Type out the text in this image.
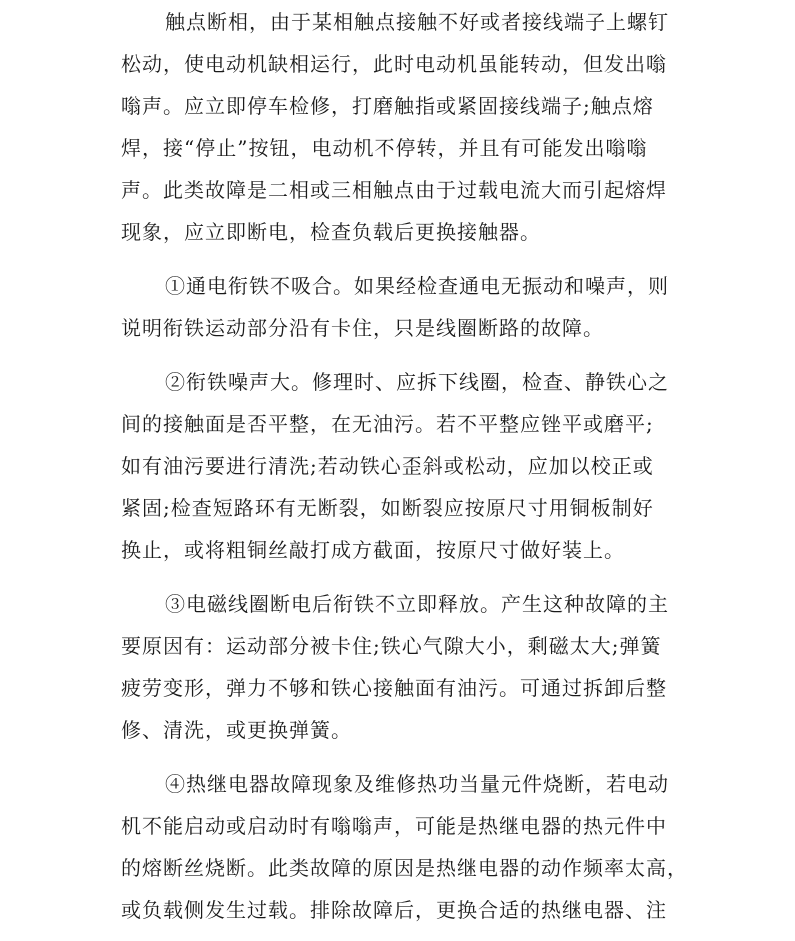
触点断相，由于某相触点接触不好或者接线端子上螺钉
松动，使电动机缺相运行，此时电动机虽能转动，但发出嗡
嗡声。应立即停车检修，打磨触指或紧固接线端子;触点熔
焊，接“停止”按钮，电动机不停转，并且有可能发出嗡嗡
声。此类故障是二相或三相触点由于过载电流大而引起熔焊
现象，应立即断电，检查负载后更换接触器。
①通电衔铁不吸合。如果经检查通电无振动和噪声，则
说明衔铁运动部分沿有卡住，只是线圈断路的故障。
②衔铁噪声大。修理时、应拆下线圈，检查、静铁心之
间的接触面是否平整，在无油污。若不平整应锉平或磨平;
如有油污要进行清洗;若动铁心歪斜或松动，应加以校正或
紧固;检查短路环有无断裂，如断裂应按原尺寸用铜板制好
换止，或将粗铜丝敲打成方截面，按原尺寸做好装上。
③电磁线圈断电后衔铁不立即释放。产生这种故障的主
要原因有：运动部分被卡住;铁心气隙大小，剩磁太大;弹簧
疲劳变形，弹力不够和铁心接触面有油污。可通过拆卸后整
修、清洗，或更换弹簧。
④热继电器故障现象及维修热功当量元件烧断，若电动
机不能启动或启动时有嗡嗡声，可能是热继电器的热元件中
的熔断丝烧断。此类故障的原因是热继电器的动作频率太高，
或负载侧发生过载。排除故障后，更换合适的热继电器、注
